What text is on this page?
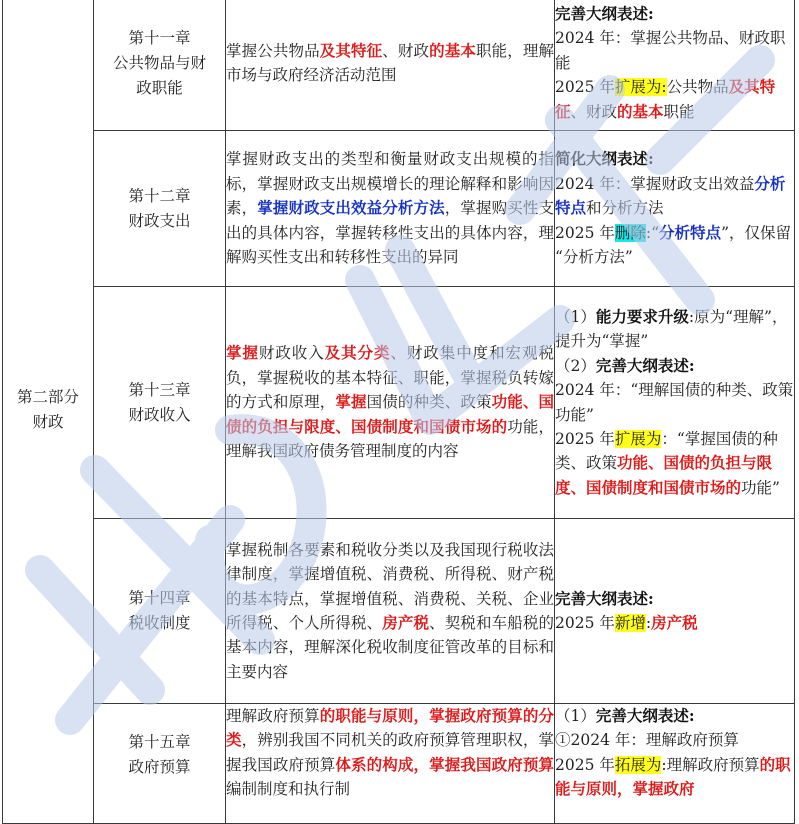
第二部分
财政	第十一章
公共物品与财
政职能	掌握公共物品及其特征、财政的基本职能，理解市场与政府经济活动范围	完善大纲表述:
2024 年：掌握公共物品、财政职能
2025 年扩展为:公共物品及其特征、财政的基本职能
	第十二章
财政支出	掌握财政支出的类型和衡量财政支出规模的指标，掌握财政支出规模增长的理论解释和影响因素，掌握财政支出效益分析方法，掌握购买性支出的具体内容，掌握转移性支出的具体内容，理解购买性支出和转移性支出的异同	简化大纲表述:
2024 年：掌握财政支出效益分析特点和分析方法
2025 年删除:“分析特点”，仅保留 “分析方法”
	第十三章
财政收入	掌握财政收入及其分类、财政集中度和宏观税负，掌握税收的基本特征、职能，掌握税负转嫁的方式和原理，掌握国债的种类、政策功能、国债的负担与限度、国债制度和国债市场的功能，理解我国政府债务管理制度的内容	（1）能力要求升级:原为“理解”，提升为“掌握”
（2）完善大纲表述:
2024 年：“理解国债的种类、政策功能”
2025 年扩展为：“掌握国债的种类、政策功能、国债的负担与限度、国债制度和国债市场的功能”
	第十四章
税收制度	掌握税制各要素和税收分类以及我国现行税收法律制度，掌握增值税、消费税、所得税、财产税的基本特点，掌握增值税、消费税、关税、企业所得税、个人所得税、房产税、契税和车船税的基本内容，理解深化税收制度征管改革的目标和主要内容	完善大纲表述:
2025 年新增:房产税
	第十五章
政府预算	理解政府预算的职能与原则，掌握政府预算的分类，辨别我国不同机关的政府预算管理职权，掌握我国政府预算体系的构成，掌握我国政府预算编制制度和执行制	（1）完善大纲表述:
①2024 年：理解政府预算
2025 年拓展为:理解政府预算的职能与原则，掌握政府
